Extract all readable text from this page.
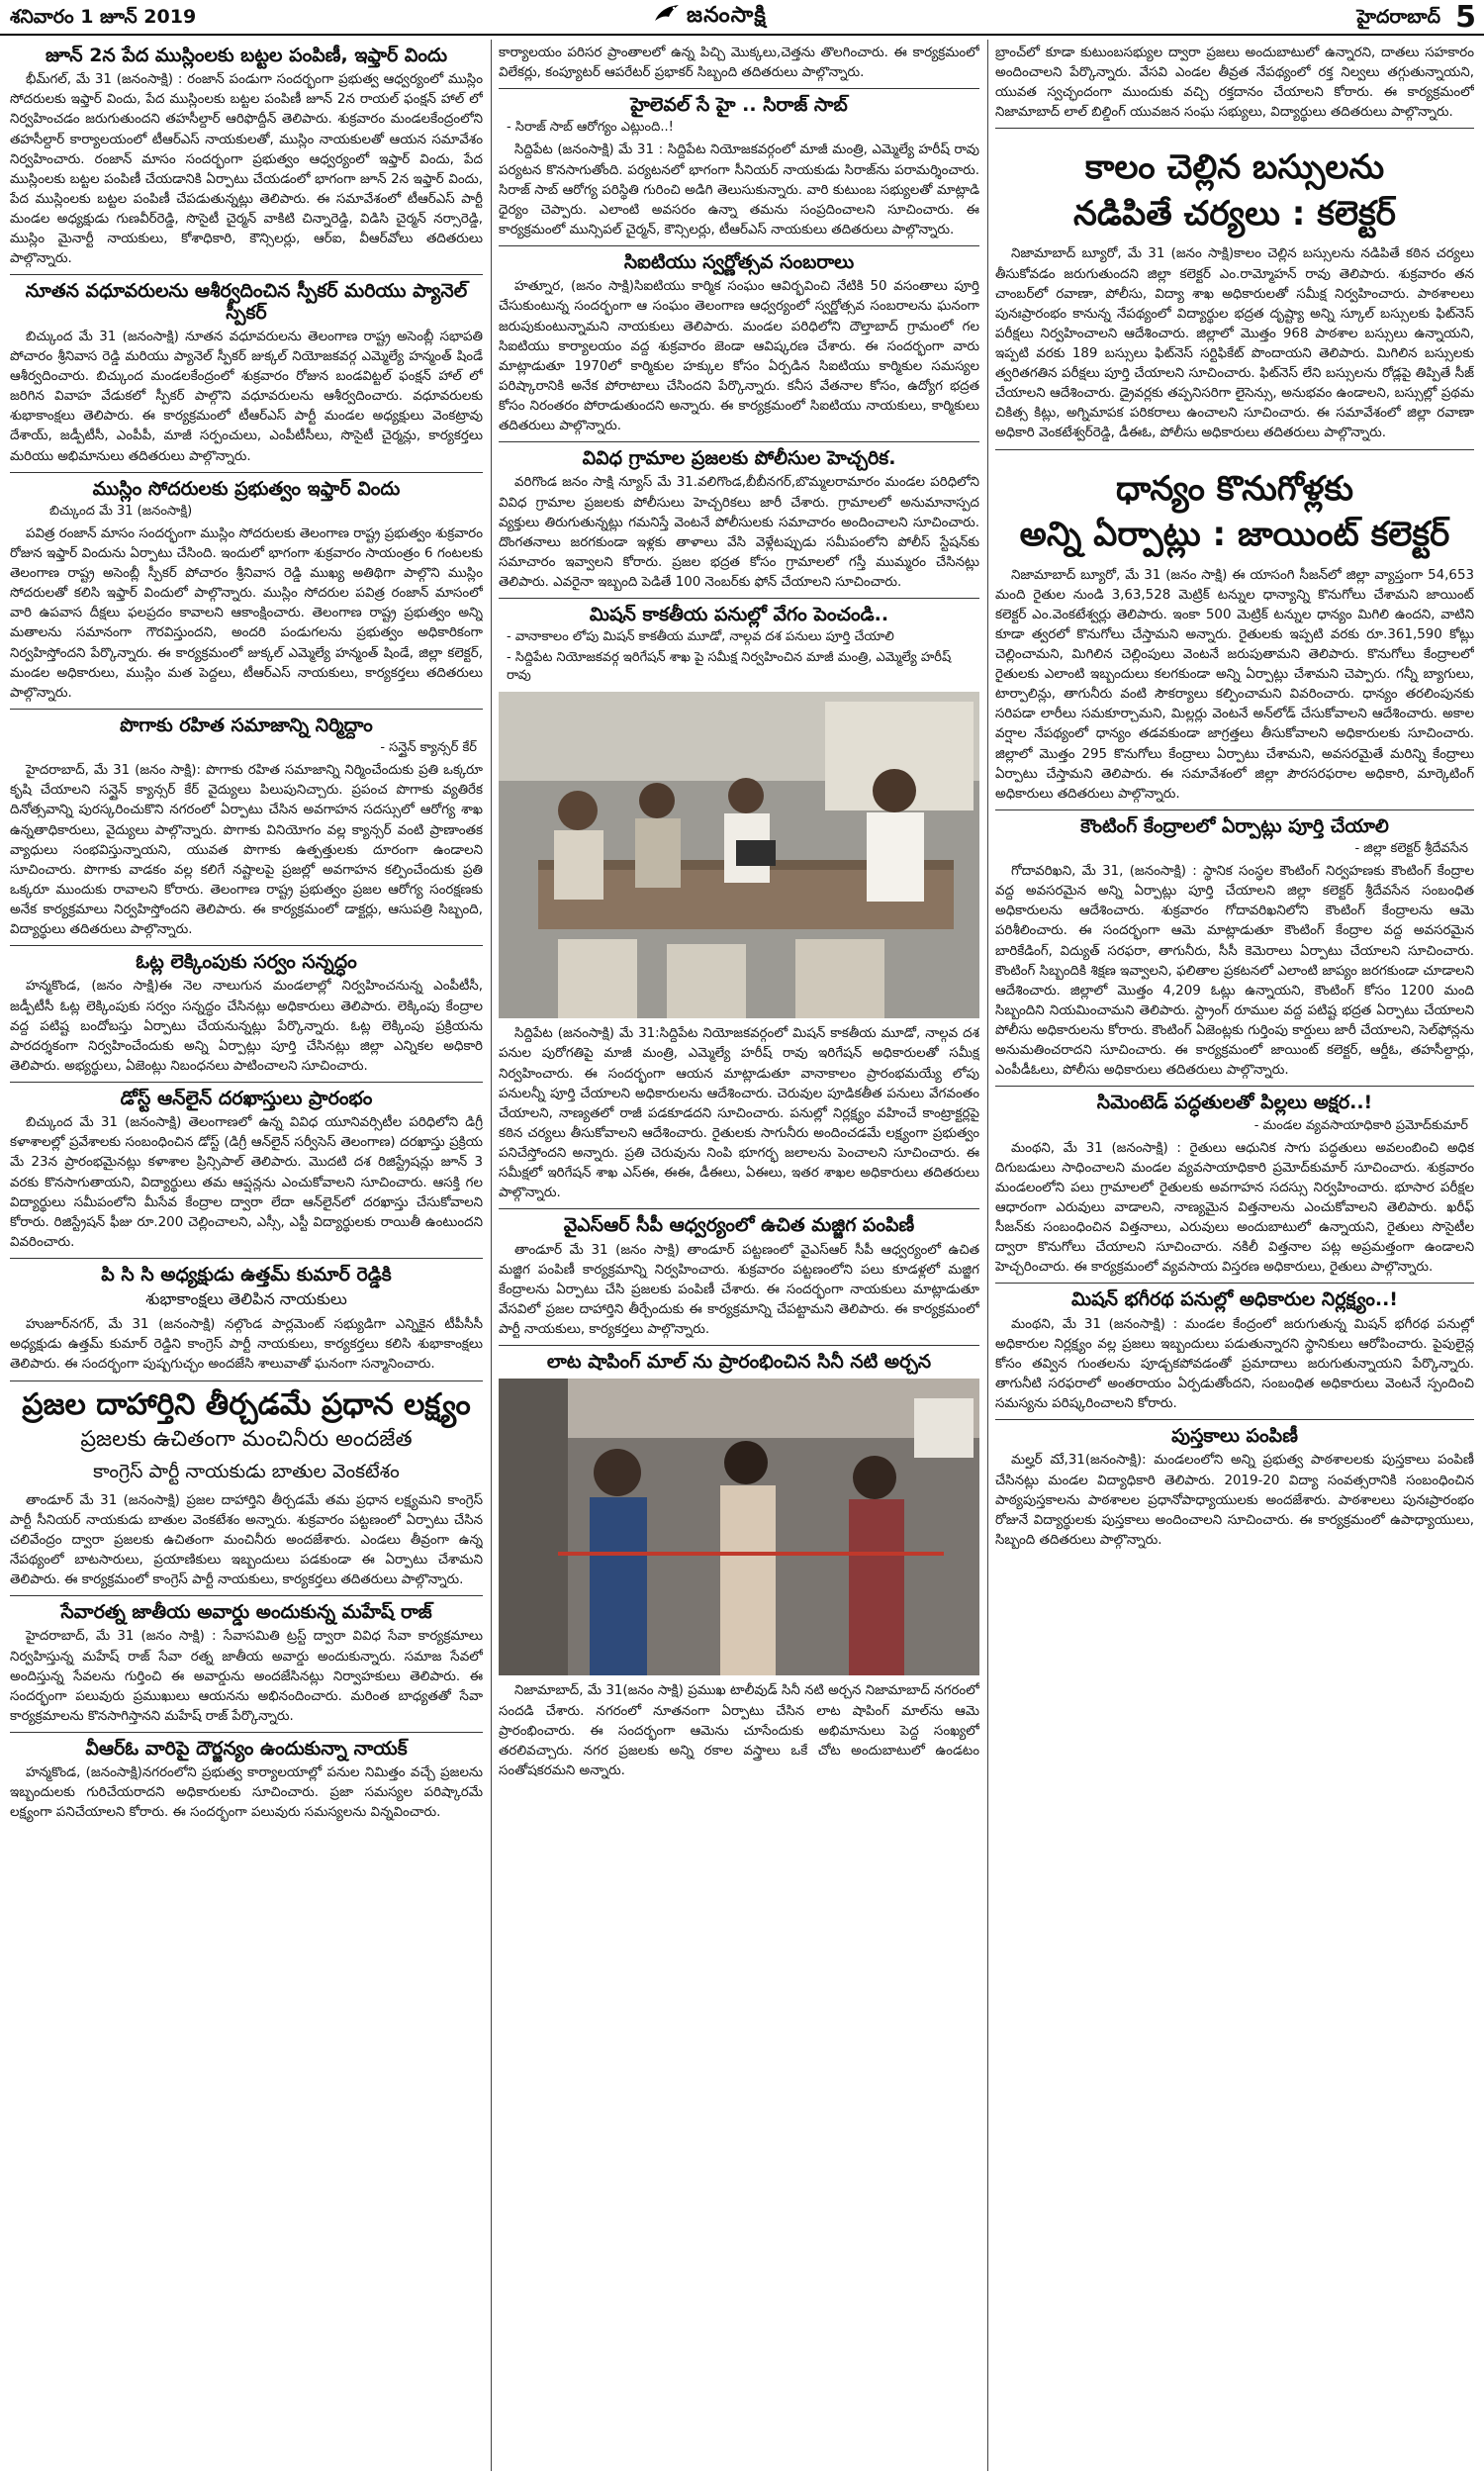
శనివారం 1 జూన్ 2019	జనంసాక్షి	హైదరాబాద్ 5
జూన్ 2న పేద ముస్లింలకు బట్టల పంపిణీ, ఇఫ్తార్ విందు

భీమ్‌గల్, మే 31 (జనంసాక్షి) : రంజాన్ పండుగా సందర్భంగా ప్రభుత్వ ఆధ్వర్యంలో ముస్లిం సోదరులకు ఇఫ్తార్ విందు, పేద ముస్లింలకు బట్టల పంపిణీ జూన్ 2న రాయల్ ఫంక్షన్ హాల్ లో నిర్వహించడం జరుగుతుందని తహసీల్దార్ ఆరిఫొద్దీన్ తెలిపారు. శుక్రవారం మండలకేంద్రంలోని తహసీల్దార్ కార్యాలయంలో టీఆర్ఎస్ నాయకులతో, ముస్లిం నాయకులతో ఆయన సమావేశం నిర్వహించారు. రంజాన్ మాసం సందర్భంగా ప్రభుత్వం ఆధ్వర్యంలో ఇఫ్తార్ విందు, పేద ముస్లింలకు బట్టల పంపిణీ చేయడానికి ఏర్పాటు చేయడంలో భాగంగా జూన్ 2న ఇఫ్తార్ విందు, పేద ముస్లింలకు బట్టల పంపిణీ చేపడుతున్నట్లు తెలిపారు. ఈ సమావేశంలో టీఆర్ఎస్ పార్టీ మండల అధ్యక్షుడు గుణవీర్‌రెడ్డి, సొసైటీ చైర్మన్ వాకిటి చిన్నారెడ్డి, విడిసి చైర్మన్ నర్సారెడ్డి, ముస్లిం మైనార్టీ నాయకులు, కోశాధికారి, కౌన్సిలర్లు, ఆర్ఐ, వీఆర్‌వోలు తదితరులు పాల్గొన్నారు.

నూతన వధూవరులను ఆశీర్వదించిన స్పీకర్ మరియు ప్యానెల్ స్పీకర్

బిచ్కుంద మే 31 (జనంసాక్షి) నూతన వధూవరులను తెలంగాణ రాష్ట్ర అసెంబ్లీ సభాపతి పోచారం శ్రీనివాస రెడ్డి మరియు ప్యానెల్ స్పీకర్ జుక్కల్ నియోజకవర్గ ఎమ్మెల్యే హన్మంత్ షిండే ఆశీర్వదించారు. బిచ్కుంద మండలకేంద్రంలో శుక్రవారం రోజున బండవిట్టల్ ఫంక్షన్ హాల్ లో జరిగిన వివాహ వేడుకలో స్పీకర్ పాల్గొని వధూవరులను ఆశీర్వదించారు. వధూవరులకు శుభాకాంక్షలు తెలిపారు. ఈ కార్యక్రమంలో టీఆర్ఎస్ పార్టీ మండల అధ్యక్షులు వెంకట్రావు దేశాయ్, జడ్పీటీసీ, ఎంపీపీ, మాజీ సర్పంచులు, ఎంపీటీసీలు, సొసైటీ చైర్మన్లు, కార్యకర్తలు మరియు అభిమానులు తదితరులు పాల్గొన్నారు.

ముస్లిం సోదరులకు ప్రభుత్వం ఇఫ్తార్ విందు
బిచ్కుంద మే 31 (జనంసాక్షి)

పవిత్ర రంజాన్ మాసం సందర్భంగా ముస్లిం సోదరులకు తెలంగాణ రాష్ట్ర ప్రభుత్వం శుక్రవారం రోజున ఇఫ్తార్ విందును ఏర్పాటు చేసింది. ఇందులో భాగంగా శుక్రవారం సాయంత్రం 6 గంటలకు తెలంగాణ రాష్ట్ర అసెంబ్లీ స్పీకర్ పోచారం శ్రీనివాస రెడ్డి ముఖ్య అతిథిగా పాల్గొని ముస్లిం సోదరులతో కలిసి ఇఫ్తార్ విందులో పాల్గొన్నారు. ముస్లిం సోదరుల పవిత్ర రంజాన్ మాసంలో వారి ఉపవాస దీక్షలు ఫలప్రదం కావాలని ఆకాంక్షించారు. తెలంగాణ రాష్ట్ర ప్రభుత్వం అన్ని మతాలను సమానంగా గౌరవిస్తుందని, అందరి పండుగలను ప్రభుత్వం అధికారికంగా నిర్వహిస్తోందని పేర్కొన్నారు. ఈ కార్యక్రమంలో జుక్కల్ ఎమ్మెల్యే హన్మంత్ షిండే, జిల్లా కలెక్టర్, మండల అధికారులు, ముస్లిం మత పెద్దలు, టీఆర్ఎస్ నాయకులు, కార్యకర్తలు తదితరులు పాల్గొన్నారు.

పొగాకు రహిత సమాజాన్ని నిర్మిద్దాం
- సన్షైన్ క్యాన్సర్ కేర్

హైదరాబాద్, మే 31 (జనం సాక్షి): పొగాకు రహిత సమాజాన్ని నిర్మించేందుకు ప్రతి ఒక్కరూ కృషి చేయాలని సన్షైన్ క్యాన్సర్ కేర్ వైద్యులు పిలుపునిచ్చారు. ప్రపంచ పొగాకు వ్యతిరేక దినోత్సవాన్ని పురస్కరించుకొని నగరంలో ఏర్పాటు చేసిన అవగాహన సదస్సులో ఆరోగ్య శాఖ ఉన్నతాధికారులు, వైద్యులు పాల్గొన్నారు. పొగాకు వినియోగం వల్ల క్యాన్సర్ వంటి ప్రాణాంతక వ్యాధులు సంభవిస్తున్నాయని, యువత పొగాకు ఉత్పత్తులకు దూరంగా ఉండాలని సూచించారు. పొగాకు వాడకం వల్ల కలిగే నష్టాలపై ప్రజల్లో అవగాహన కల్పించేందుకు ప్రతి ఒక్కరూ ముందుకు రావాలని కోరారు. తెలంగాణ రాష్ట్ర ప్రభుత్వం ప్రజల ఆరోగ్య సంరక్షణకు అనేక కార్యక్రమాలు నిర్వహిస్తోందని తెలిపారు. ఈ కార్యక్రమంలో డాక్టర్లు, ఆసుపత్రి సిబ్బంది, విద్యార్థులు తదితరులు పాల్గొన్నారు.

ఓట్ల లెక్కింపుకు సర్వం సన్నద్ధం

హన్మకొండ, (జనం సాక్షి)ఈ నెల నాలుగున మండలాల్లో నిర్వహించనున్న ఎంపీటీసీ, జడ్పీటీసీ ఓట్ల లెక్కింపుకు సర్వం సన్నద్ధం చేసినట్లు అధికారులు తెలిపారు. లెక్కింపు కేంద్రాల వద్ద పటిష్ట బందోబస్తు ఏర్పాటు చేయనున్నట్లు పేర్కొన్నారు. ఓట్ల లెక్కింపు ప్రక్రియను పారదర్శకంగా నిర్వహించేందుకు అన్ని ఏర్పాట్లు పూర్తి చేసినట్లు జిల్లా ఎన్నికల అధికారి తెలిపారు. అభ్యర్థులు, ఏజెంట్లు నిబంధనలు పాటించాలని సూచించారు.

డోస్ట్ ఆన్‌లైన్ దరఖాస్తులు ప్రారంభం

బిచ్కుంద మే 31 (జనంసాక్షి) తెలంగాణలో ఉన్న వివిధ యూనివర్సిటీల పరిధిలోని డిగ్రీ కళాశాలల్లో ప్రవేశాలకు సంబంధించిన డోస్ట్ (డిగ్రీ ఆన్‌లైన్ సర్వీసెస్ తెలంగాణ) దరఖాస్తు ప్రక్రియ మే 23న ప్రారంభమైనట్లు కళాశాల ప్రిన్సిపాల్ తెలిపారు. మొదటి దశ రిజిస్ట్రేషన్లు జూన్ 3 వరకు కొనసాగుతాయని, విద్యార్థులు తమ ఆప్షన్లను ఎంచుకోవాలని సూచించారు. ఆసక్తి గల విద్యార్థులు సమీపంలోని మీసేవ కేంద్రాల ద్వారా లేదా ఆన్‌లైన్‌లో దరఖాస్తు చేసుకోవాలని కోరారు. రిజిస్ట్రేషన్ ఫీజు రూ.200 చెల్లించాలని, ఎస్సీ, ఎస్టీ విద్యార్థులకు రాయితీ ఉంటుందని వివరించారు.

పి సి సి అధ్యక్షుడు ఉత్తమ్ కుమార్ రెడ్డికి
శుభాకాంక్షలు తెలిపిన నాయకులు

హుజూర్‌నగర్, మే 31 (జనంసాక్షి) నల్గొండ పార్లమెంట్ సభ్యుడిగా ఎన్నికైన టీపీసీసీ అధ్యక్షుడు ఉత్తమ్ కుమార్ రెడ్డిని కాంగ్రెస్ పార్టీ నాయకులు, కార్యకర్తలు కలిసి శుభాకాంక్షలు తెలిపారు. ఈ సందర్భంగా పుష్పగుచ్ఛం అందజేసి శాలువాతో ఘనంగా సన్మానించారు.

ప్రజల దాహార్తిని తీర్చడమే ప్రధాన లక్ష్యం
ప్రజలకు ఉచితంగా మంచినీరు అందజేత
కాంగ్రెస్ పార్టీ నాయకుడు బాతుల వెంకటేశం

తాండూర్ మే 31 (జనంసాక్షి) ప్రజల దాహార్తిని తీర్చడమే తమ ప్రధాన లక్ష్యమని కాంగ్రెస్ పార్టీ సీనియర్ నాయకుడు బాతుల వెంకటేశం అన్నారు. శుక్రవారం పట్టణంలో ఏర్పాటు చేసిన చలివేంద్రం ద్వారా ప్రజలకు ఉచితంగా మంచినీరు అందజేశారు. ఎండలు తీవ్రంగా ఉన్న నేపథ్యంలో బాటసారులు, ప్రయాణికులు ఇబ్బందులు పడకుండా ఈ ఏర్పాటు చేశామని తెలిపారు. ఈ కార్యక్రమంలో కాంగ్రెస్ పార్టీ నాయకులు, కార్యకర్తలు తదితరులు పాల్గొన్నారు.

సేవారత్న జాతీయ అవార్డు అందుకున్న మహేష్ రాజ్

హైదరాబాద్, మే 31 (జనం సాక్షి) : సేవాసమితి ట్రస్ట్ ద్వారా వివిధ సేవా కార్యక్రమాలు నిర్వహిస్తున్న మహేష్ రాజ్ సేవా రత్న జాతీయ అవార్డు అందుకున్నారు. సమాజ సేవలో అందిస్తున్న సేవలను గుర్తించి ఈ అవార్డును అందజేసినట్లు నిర్వాహకులు తెలిపారు. ఈ సందర్భంగా పలువురు ప్రముఖులు ఆయనను అభినందించారు. మరింత బాధ్యతతో సేవా కార్యక్రమాలను కొనసాగిస్తానని మహేష్ రాజ్ పేర్కొన్నారు.

వీఆర్‌ఓ వారిపై దౌర్జన్యం ఉందుకున్నా నాయక్

హన్మకొండ, (జనంసాక్షి)నగరంలోని ప్రభుత్వ కార్యాలయాల్లో పనుల నిమిత్తం వచ్చే ప్రజలను ఇబ్బందులకు గురిచేయరాదని అధికారులకు సూచించారు. ప్రజా సమస్యల పరిష్కారమే లక్ష్యంగా పనిచేయాలని కోరారు. ఈ సందర్భంగా పలువురు సమస్యలను విన్నవించారు.

కార్యాలయం పరిసర ప్రాంతాలలో ఉన్న పిచ్చి మొక్కలు,చెత్తను తొలగించారు. ఈ కార్యక్రమంలో విలేకర్లు, కంప్యూటర్ ఆపరేటర్ ప్రభాకర్ సిబ్బంది తదితరులు పాల్గొన్నారు.

హైలెవల్ సే హై .. సిరాజ్ సాబ్
- సిరాజ్ సాబ్ ఆరోగ్యం ఎట్లుంది..!

సిద్దిపేట (జనంసాక్షి) మే 31 : సిద్దిపేట నియోజకవర్గంలో మాజీ మంత్రి, ఎమ్మెల్యే హరీష్ రావు పర్యటన కొనసాగుతోంది. పర్యటనలో భాగంగా సీనియర్ నాయకుడు సిరాజ్‌ను పరామర్శించారు. సిరాజ్ సాబ్ ఆరోగ్య పరిస్థితి గురించి అడిగి తెలుసుకున్నారు. వారి కుటుంబ సభ్యులతో మాట్లాడి ధైర్యం చెప్పారు. ఎలాంటి అవసరం ఉన్నా తమను సంప్రదించాలని సూచించారు. ఈ కార్యక్రమంలో మున్సిపల్ చైర్మన్, కౌన్సిలర్లు, టీఆర్ఎస్ నాయకులు తదితరులు పాల్గొన్నారు.

సిఐటియు స్వర్ణోత్సవ సంబరాలు

హత్నూర, (జనం సాక్షి)సిఐటియు కార్మిక సంఘం ఆవిర్భవించి నేటికి 50 వసంతాలు పూర్తి చేసుకుంటున్న సందర్భంగా ఆ సంఘం తెలంగాణ ఆధ్వర్యంలో స్వర్ణోత్సవ సంబరాలను ఘనంగా జరుపుకుంటున్నామని నాయకులు తెలిపారు. మండల పరిధిలోని దౌల్తాబాద్ గ్రామంలో గల సిఐటియు కార్యాలయం వద్ద శుక్రవారం జెండా ఆవిష్కరణ చేశారు. ఈ సందర్భంగా వారు మాట్లాడుతూ 1970లో కార్మికుల హక్కుల కోసం ఏర్పడిన సిఐటియు కార్మికుల సమస్యల పరిష్కారానికి అనేక పోరాటాలు చేసిందని పేర్కొన్నారు. కనీస వేతనాల కోసం, ఉద్యోగ భద్రత కోసం నిరంతరం పోరాడుతుందని అన్నారు. ఈ కార్యక్రమంలో సిఐటియు నాయకులు, కార్మికులు తదితరులు పాల్గొన్నారు.

వివిధ గ్రామాల ప్రజలకు పోలీసుల హెచ్చరిక.

వరిగొండ జనం సాక్షి న్యూస్ మే 31.వలిగొండ,బీబీనగర్,బొమ్మలరామారం మండల పరిధిలోని వివిధ గ్రామాల ప్రజలకు పోలీసులు హెచ్చరికలు జారీ చేశారు. గ్రామాలలో అనుమానాస్పద వ్యక్తులు తిరుగుతున్నట్లు గమనిస్తే వెంటనే పోలీసులకు సమాచారం అందించాలని సూచించారు. దొంగతనాలు జరగకుండా ఇళ్లకు తాళాలు వేసి వెళ్లేటప్పుడు సమీపంలోని పోలీస్ స్టేషన్‌కు సమాచారం ఇవ్వాలని కోరారు. ప్రజల భద్రత కోసం గ్రామాలలో గస్తీ ముమ్మరం చేసినట్లు తెలిపారు. ఎవరైనా ఇబ్బంది పెడితే 100 నెంబర్‌కు ఫోన్ చేయాలని సూచించారు.

మిషన్ కాకతీయ పనుల్లో వేగం పెంచండి..
- వానాకాలం లోపు మిషన్ కాకతీయ మూడో, నాల్గవ దశ పనులు పూర్తి చేయాలి
- సిద్దిపేట నియోజకవర్గ ఇరిగేషన్ శాఖ పై సమీక్ష నిర్వహించిన మాజీ మంత్రి, ఎమ్మెల్యే హరీష్ రావు

సిద్దిపేట (జనంసాక్షి) మే 31:సిద్దిపేట నియోజకవర్గంలో మిషన్ కాకతీయ మూడో, నాల్గవ దశ పనుల పురోగతిపై మాజీ మంత్రి, ఎమ్మెల్యే హరీష్ రావు ఇరిగేషన్ అధికారులతో సమీక్ష నిర్వహించారు. ఈ సందర్భంగా ఆయన మాట్లాడుతూ వానాకాలం ప్రారంభమయ్యే లోపు పనులన్నీ పూర్తి చేయాలని అధికారులను ఆదేశించారు. చెరువుల పూడికతీత పనులు వేగవంతం చేయాలని, నాణ్యతలో రాజీ పడకూడదని సూచించారు. పనుల్లో నిర్లక్ష్యం వహించే కాంట్రాక్టర్లపై కఠిన చర్యలు తీసుకోవాలని ఆదేశించారు. రైతులకు సాగునీరు అందించడమే లక్ష్యంగా ప్రభుత్వం పనిచేస్తోందని అన్నారు. ప్రతి చెరువును నింపి భూగర్భ జలాలను పెంచాలని సూచించారు. ఈ సమీక్షలో ఇరిగేషన్ శాఖ ఎస్ఈ, ఈఈ, డీఈలు, ఏఈలు, ఇతర శాఖల అధికారులు తదితరులు పాల్గొన్నారు.

వైఎస్‌ఆర్ సీపీ ఆధ్వర్యంలో ఉచిత మజ్జిగ పంపిణీ

తాండూర్ మే 31 (జనం సాక్షి) తాండూర్ పట్టణంలో వైఎస్‌ఆర్ సీపీ ఆధ్వర్యంలో ఉచిత మజ్జిగ పంపిణీ కార్యక్రమాన్ని నిర్వహించారు. శుక్రవారం పట్టణంలోని పలు కూడళ్లలో మజ్జిగ కేంద్రాలను ఏర్పాటు చేసి ప్రజలకు పంపిణీ చేశారు. ఈ సందర్భంగా నాయకులు మాట్లాడుతూ వేసవిలో ప్రజల దాహార్తిని తీర్చేందుకు ఈ కార్యక్రమాన్ని చేపట్టామని తెలిపారు. ఈ కార్యక్రమంలో పార్టీ నాయకులు, కార్యకర్తలు పాల్గొన్నారు.

లాట షాపింగ్ మాల్ ను ప్రారంభించిన సినీ నటి అర్చన

నిజామాబాద్, మే 31(జనం సాక్షి) ప్రముఖ టాలీవుడ్ సినీ నటి అర్చన నిజామాబాద్ నగరంలో సందడి చేశారు. నగరంలో నూతనంగా ఏర్పాటు చేసిన లాట షాపింగ్ మాల్‌ను ఆమె ప్రారంభించారు. ఈ సందర్భంగా ఆమెను చూసేందుకు అభిమానులు పెద్ద సంఖ్యలో తరలివచ్చారు. నగర ప్రజలకు అన్ని రకాల వస్త్రాలు ఒకే చోట అందుబాటులో ఉండటం సంతోషకరమని అన్నారు.

బ్రాంచ్‌లో కూడా కుటుంబసభ్యుల ద్వారా ప్రజలు అందుబాటులో ఉన్నారని, దాతలు సహకారం అందించాలని పేర్కొన్నారు. వేసవి ఎండల తీవ్రత నేపథ్యంలో రక్త నిల్వలు తగ్గుతున్నాయని, యువత స్వచ్ఛందంగా ముందుకు వచ్చి రక్తదానం చేయాలని కోరారు. ఈ కార్యక్రమంలో నిజామాబాద్ లాల్ బిల్డింగ్ యువజన సంఘ సభ్యులు, విద్యార్థులు తదితరులు పాల్గొన్నారు.

కాలం చెల్లిన బస్సులను
నడిపితే చర్యలు : కలెక్టర్

నిజామాబాద్ బ్యూరో, మే 31 (జనం సాక్షి)కాలం చెల్లిన బస్సులను నడిపితే కఠిన చర్యలు తీసుకోవడం జరుగుతుందని జిల్లా కలెక్టర్ ఎం.రామ్మోహన్ రావు తెలిపారు. శుక్రవారం తన చాంబర్‌లో రవాణా, పోలీసు, విద్యా శాఖ అధికారులతో సమీక్ష నిర్వహించారు. పాఠశాలలు పునఃప్రారంభం కానున్న నేపథ్యంలో విద్యార్థుల భద్రత దృష్ట్యా అన్ని స్కూల్ బస్సులకు ఫిట్‌నెస్ పరీక్షలు నిర్వహించాలని ఆదేశించారు. జిల్లాలో మొత్తం 968 పాఠశాల బస్సులు ఉన్నాయని, ఇప్పటి వరకు 189 బస్సులు ఫిట్‌నెస్ సర్టిఫికేట్ పొందాయని తెలిపారు. మిగిలిన బస్సులకు త్వరితగతిన పరీక్షలు పూర్తి చేయాలని సూచించారు. ఫిట్‌నెస్ లేని బస్సులను రోడ్లపై తిప్పితే సీజ్ చేయాలని ఆదేశించారు. డ్రైవర్లకు తప్పనిసరిగా లైసెన్సు, అనుభవం ఉండాలని, బస్సుల్లో ప్రథమ చికిత్స కిట్లు, అగ్నిమాపక పరికరాలు ఉంచాలని సూచించారు. ఈ సమావేశంలో జిల్లా రవాణా అధికారి వెంకటేశ్వర్‌రెడ్డి, డీఈఓ, పోలీసు అధికారులు తదితరులు పాల్గొన్నారు.

ధాన్యం కొనుగోళ్లకు
అన్ని ఏర్పాట్లు : జాయింట్ కలెక్టర్

నిజామాబాద్ బ్యూరో, మే 31 (జనం సాక్షి) ఈ యాసంగి సీజన్‌లో జిల్లా వ్యాప్తంగా 54,653 మంది రైతుల నుండి 3,63,528 మెట్రిక్ టన్నుల ధాన్యాన్ని కొనుగోలు చేశామని జాయింట్ కలెక్టర్ ఎం.వెంకటేశ్వర్లు తెలిపారు. ఇంకా 500 మెట్రిక్ టన్నుల ధాన్యం మిగిలి ఉందని, వాటిని కూడా త్వరలో కొనుగోలు చేస్తామని అన్నారు. రైతులకు ఇప్పటి వరకు రూ.361,590 కోట్లు చెల్లించామని, మిగిలిన చెల్లింపులు వెంటనే జరుపుతామని తెలిపారు. కొనుగోలు కేంద్రాలలో రైతులకు ఎలాంటి ఇబ్బందులు కలగకుండా అన్ని ఏర్పాట్లు చేశామని చెప్పారు. గన్నీ బ్యాగులు, టార్పాలిన్లు, తాగునీరు వంటి సౌకర్యాలు కల్పించామని వివరించారు. ధాన్యం తరలింపునకు సరిపడా లారీలు సమకూర్చామని, మిల్లర్లు వెంటనే అన్‌లోడ్ చేసుకోవాలని ఆదేశించారు. అకాల వర్షాల నేపథ్యంలో ధాన్యం తడవకుండా జాగ్రత్తలు తీసుకోవాలని అధికారులకు సూచించారు. జిల్లాలో మొత్తం 295 కొనుగోలు కేంద్రాలు ఏర్పాటు చేశామని, అవసరమైతే మరిన్ని కేంద్రాలు ఏర్పాటు చేస్తామని తెలిపారు. ఈ సమావేశంలో జిల్లా పౌరసరఫరాల అధికారి, మార్కెటింగ్ అధికారులు తదితరులు పాల్గొన్నారు.

కౌంటింగ్ కేంద్రాలలో ఏర్పాట్లు పూర్తి చేయాలి
- జిల్లా కలెక్టర్ శ్రీదేవసేన

గోదావరిఖని, మే 31, (జనంసాక్షి) : స్థానిక సంస్థల కౌంటింగ్ నిర్వహణకు కౌంటింగ్ కేంద్రాల వద్ద అవసరమైన అన్ని ఏర్పాట్లు పూర్తి చేయాలని జిల్లా కలెక్టర్ శ్రీదేవసేన సంబంధిత అధికారులను ఆదేశించారు. శుక్రవారం గోదావరిఖనిలోని కౌంటింగ్ కేంద్రాలను ఆమె పరిశీలించారు. ఈ సందర్భంగా ఆమె మాట్లాడుతూ కౌంటింగ్ కేంద్రాల వద్ద అవసరమైన బారికేడింగ్, విద్యుత్ సరఫరా, తాగునీరు, సీసీ కెమెరాలు ఏర్పాటు చేయాలని సూచించారు. కౌంటింగ్ సిబ్బందికి శిక్షణ ఇవ్వాలని, ఫలితాల ప్రకటనలో ఎలాంటి జాప్యం జరగకుండా చూడాలని ఆదేశించారు. జిల్లాలో మొత్తం 4,209 ఓట్లు ఉన్నాయని, కౌంటింగ్ కోసం 1200 మంది సిబ్బందిని నియమించామని తెలిపారు. స్ట్రాంగ్ రూముల వద్ద పటిష్ట భద్రత ఏర్పాటు చేయాలని పోలీసు అధికారులను కోరారు. కౌంటింగ్ ఏజెంట్లకు గుర్తింపు కార్డులు జారీ చేయాలని, సెల్‌ఫోన్లను అనుమతించరాదని సూచించారు. ఈ కార్యక్రమంలో జాయింట్ కలెక్టర్, ఆర్డీఓ, తహసీల్దార్లు, ఎంపీడీఓలు, పోలీసు అధికారులు తదితరులు పాల్గొన్నారు.

సిమెంటెడ్ పద్ధతులతో పిల్లలు అక్షర..!
- మండల వ్యవసాయాధికారి ప్రమోద్‌కుమార్

మంథని, మే 31 (జనంసాక్షి) : రైతులు ఆధునిక సాగు పద్ధతులు అవలంబించి అధిక దిగుబడులు సాధించాలని మండల వ్యవసాయాధికారి ప్రమోద్‌కుమార్ సూచించారు. శుక్రవారం మండలంలోని పలు గ్రామాలలో రైతులకు అవగాహన సదస్సు నిర్వహించారు. భూసార పరీక్షల ఆధారంగా ఎరువులు వాడాలని, నాణ్యమైన విత్తనాలను ఎంచుకోవాలని తెలిపారు. ఖరీఫ్ సీజన్‌కు సంబంధించిన విత్తనాలు, ఎరువులు అందుబాటులో ఉన్నాయని, రైతులు సొసైటీల ద్వారా కొనుగోలు చేయాలని సూచించారు. నకిలీ విత్తనాల పట్ల అప్రమత్తంగా ఉండాలని హెచ్చరించారు. ఈ కార్యక్రమంలో వ్యవసాయ విస్తరణ అధికారులు, రైతులు పాల్గొన్నారు.

మిషన్ భగీరథ పనుల్లో అధికారుల నిర్లక్ష్యం..!

మంథని, మే 31 (జనంసాక్షి) : మండల కేంద్రంలో జరుగుతున్న మిషన్ భగీరథ పనుల్లో అధికారుల నిర్లక్ష్యం వల్ల ప్రజలు ఇబ్బందులు పడుతున్నారని స్థానికులు ఆరోపించారు. పైపులైన్ల కోసం తవ్విన గుంతలను పూడ్చకపోవడంతో ప్రమాదాలు జరుగుతున్నాయని పేర్కొన్నారు. తాగునీటి సరఫరాలో అంతరాయం ఏర్పడుతోందని, సంబంధిత అధికారులు వెంటనే స్పందించి సమస్యను పరిష్కరించాలని కోరారు.

పుస్తకాలు పంపిణీ

మల్హర్ మ‌ే,31(జనంసాక్షి): మండలంలోని అన్ని ప్రభుత్వ పాఠశాలలకు పుస్తకాలు పంపిణీ చేసినట్లు మండల విద్యాధికారి తెలిపారు. 2019-20 విద్యా సంవత్సరానికి సంబంధించిన పాఠ్యపుస్తకాలను పాఠశాలల ప్రధానోపాధ్యాయులకు అందజేశారు. పాఠశాలలు పునఃప్రారంభం రోజునే విద్యార్థులకు పుస్తకాలు అందించాలని సూచించారు. ఈ కార్యక్రమంలో ఉపాధ్యాయులు, సిబ్బంది తదితరులు పాల్గొన్నారు.
